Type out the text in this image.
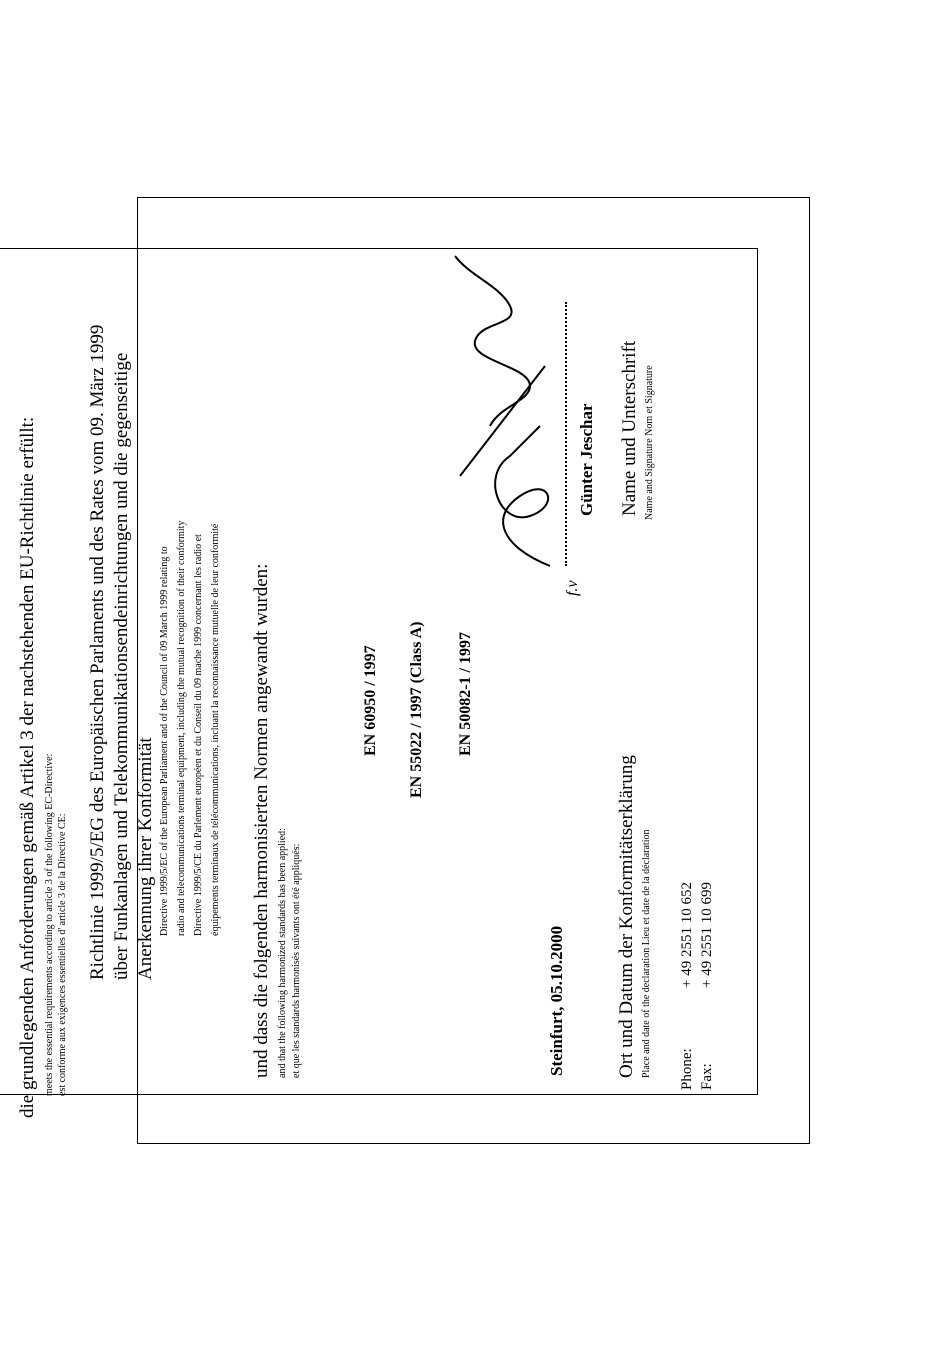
die grundlegenden Anforderungen gemäß Artikel 3 der nachstehenden EU-Richtlinie erfüllt: meets the essential requirements according to article 3 of the following EC-Directive: est conforme aux exigences essentielles d' article 3 de la Directive CE: Richtlinie 1999/5/EG des Europäischen Parlaments und des Rates vom 09. März 1999 über Funkanlagen und Telekommunikationsendeinrichtungen und die gegenseitige Anerkennung ihrer Konformität Directive 1999/5/EC of the European Parliament and of the Council of 09 March 1999 relating to radio and telecommunications terminal equipment, including the mutual recognition of their conformity Directive 1999/5/CE du Parlement européen et du Conseil du 09 mache 1999 concernant les radio et équipements terminaux de télécommunications, incluant la reconnaissance mutuelle de leur conformité und dass die folgenden harmonisierten Normen angewandt wurden: and that the following harmonized standards has been applied: et que les standards harmonisés suivants ont été appliqués:
EN 60950 / 1997 EN 55022 / 1997 (Class A) EN 50082-1 / 1997
Steinfurt, 05.10.2000	Ort und Datum der Konformitätserklärung Place and date of the declaration Lieu et date de la déclaration Phone:
+ 49 2551 10 652
Fax:
+ 49 2551 10 699
f.v
Günter Jeschar Name und Unterschrift Name and Signature Nom et Signature
